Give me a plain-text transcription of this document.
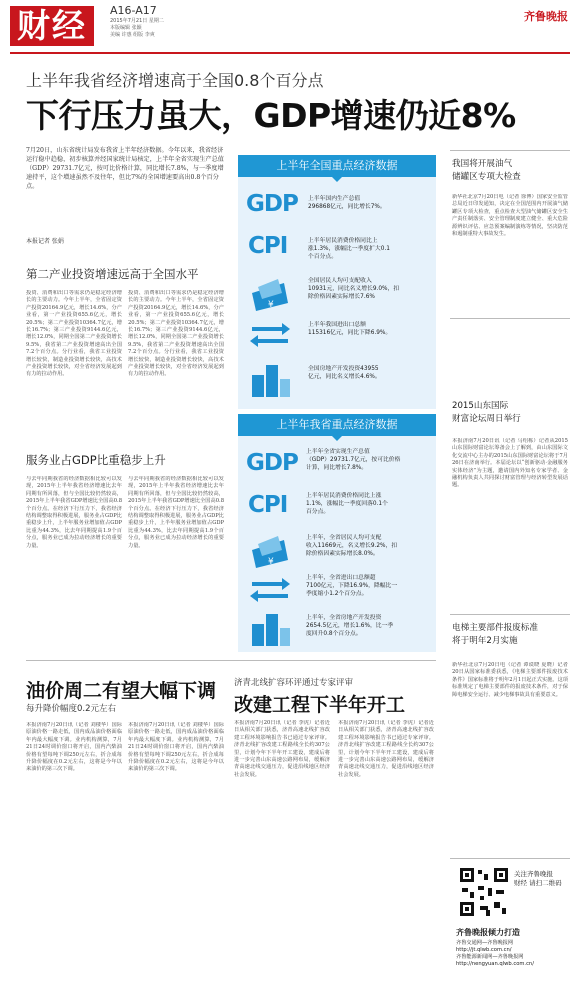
财经	A16-A17
2015年7月21日 星期二
本版编辑 张颖
美编 许惠 组版 李爽
齐鲁晚报
上半年我省经济增速高于全国0.8个百分点
下行压力虽大，GDP增速仍近8%
7月20日，山东省统计局发布我省上半年经济数据。今年以来，我省经济运行稳中趋稳，初步核算并经国家统计局核定，上半年全省实现生产总值（GDP）29731.7亿元，按可比价格计算，同比增长7.8%，与一季度增速持平，这个增速虽然不及往年，但比7%的全国增速要高出0.8个百分点。
本报记者 张娟
第二产业投资增速远高于全国水平
投资、消费和出口等需求仍是稳定经济增长的主要动力。今年上半年，全省固定资产投资20164.9亿元，增长14.6%，分产业看，第一产业投资655.6亿元，增长20.5%；第二产业投资10364.7亿元，增长16.7%；第三产业投资9144.6亿元，增长12.0%，同期全国第二产业投资增长9.5%，我省第二产业投资增速高出全国7.2个百分点。分行业看，我省工业投资增长较快，制造业投资增长较快，高技术产业投资增长较快，对全省经济发展起到有力的拉动作用。
投资、消费和出口等需求仍是稳定经济增长的主要动力。今年上半年，全省固定资产投资20164.9亿元，增长14.6%，分产业看，第一产业投资655.6亿元，增长20.5%；第二产业投资10364.7亿元，增长16.7%；第三产业投资9144.6亿元，增长12.0%，同期全国第二产业投资增长9.5%，我省第二产业投资增速高出全国7.2个百分点。分行业看，我省工业投资增长较快，制造业投资增长较快，高技术产业投资增长较快，对全省经济发展起到有力的拉动作用。
服务业占GDP比重稳步上升
与去年同期我省的经济数据相比较可以发现，2015年上半年我省经济增速比去年同期有所回落，但与全国比较仍然较高，2015年上半年我省GDP增速比全国高0.8个百分点。在经济下行压力下，我省经济结构调整取得积极进展，服务业占GDP比重稳步上升，上半年服务业增加值占GDP比重为44.3%，比去年同期提高1.9个百分点，服务业已成为拉动经济增长的重要力量。
与去年同期我省的经济数据相比较可以发现，2015年上半年我省经济增速比去年同期有所回落，但与全国比较仍然较高，2015年上半年我省GDP增速比全国高0.8个百分点。在经济下行压力下，我省经济结构调整取得积极进展，服务业占GDP比重稳步上升，上半年服务业增加值占GDP比重为44.3%，比去年同期提高1.9个百分点，服务业已成为拉动经济增长的重要力量。
上半年全国重点经济数据
GDP 上半年国内生产总值
296868亿元，同比增长7%。
CPI	上半年居民消费价格同比上
涨1.3%，涨幅比一季度扩大0.1
个百分点。
¥
全国居民人均可支配收入
10931元，同比名义增长9.0%，扣
除价格因素实际增长7.6%
上半年我国进出口总额
115316亿元，同比下降6.9%。
全国房地产开发投资43955
亿元，同比名义增长4.6%。
上半年我省重点经济数据
GDP 上半年全省实现生产总值
（GDP）29731.7亿元，按可比价格
计算，同比增长7.8%。
CPI	上半年居民消费价格同比上涨
1.1%，涨幅比一季度回落0.1个
百分点。
¥
上半年，全省居民人均可支配
收入11669元，名义增长9.2%，扣
除价格因素实际增长8.0%。
上半年，全省进出口总额超
7100亿元，下降16.9%，降幅比一
季度缩小1.2个百分点。
上半年，全省房地产开发投资
2654.5亿元，增长1.6%，比一季
度回升0.8个百分点。
我国将开展油气
储罐区专项大检查
新华社北京7月20日电（记者 徐博）国家安全监管总局近日印发通知，决定在全国范围内开展油气储罐区专项大检查，重点检查大型油气储罐区安全生产责任制落实、安全管理制度建立健全、重大危险源辨识评估、应急预案编制演练等情况，坚决防范和遏制重特大事故发生。
2015山东国际
财富论坛周日举行
本报济南7月20日讯（记者 马绍栋）记者从2015山东国际财富论坛筹备会上了解到，由山东国际文化交流中心主办的2015山东国际财富论坛将于7月26日在济南举行。本届论坛以“创新驱动·金融服务实体经济”为主题，邀请国内外知名专家学者、金融机构负责人共同探讨财富管理与经济转型发展话题。
电梯主要部件报废标准
将于明年2月实施
新华社北京7月20日电（记者 谭谟晓 夏晓）记者20日从国家标准委获悉，《电梯主要部件报废技术条件》国家标准将于明年2月1日起正式实施。这项标准规定了电梯主要部件的报废技术条件，对于保障电梯安全运行、减少电梯事故具有重要意义。
油价周二有望大幅下调
每升降价幅度0.2元左右
本报济南7月20日讯（记者 刘楼华）国际原油价格一路走低，国内成品油价格面临年内最大幅度下调。业内机构测算，7月21日24时调价窗口将开启，国内汽柴油价格有望每吨下调250元左右，折合成每升降价幅度在0.2元左右，这将是今年以来油价的第三次下调。
本报济南7月20日讯（记者 刘楼华）国际原油价格一路走低，国内成品油价格面临年内最大幅度下调。业内机构测算，7月21日24时调价窗口将开启，国内汽柴油价格有望每吨下调250元左右，折合成每升降价幅度在0.2元左右，这将是今年以来油价的第三次下调。
济青北线扩容环评通过专家评审
改建工程下半年开工
本报济南7月20日讯（记者 李虎）记者近日从相关部门获悉，济青高速北线扩容改建工程环境影响报告书已通过专家评审。济青北线扩容改建工程路线全长约307公里，计划今年下半年开工建设，建成后将进一步完善山东高速公路网布局，缓解济青高速北线交通压力，促进沿线地区经济社会发展。
本报济南7月20日讯（记者 李虎）记者近日从相关部门获悉，济青高速北线扩容改建工程环境影响报告书已通过专家评审。济青北线扩容改建工程路线全长约307公里，计划今年下半年开工建设，建成后将进一步完善山东高速公路网布局，缓解济青高速北线交通压力，促进沿线地区经济社会发展。
关注齐鲁晚报
财经 请扫二维码
齐鲁晚报倾力打造
齐鲁交通网—齐鲁晚报网
http://jt.qlwb.com.cn/
齐鲁能源新闻网—齐鲁晚报网
http://nengyuan.qlwb.com.cn/
